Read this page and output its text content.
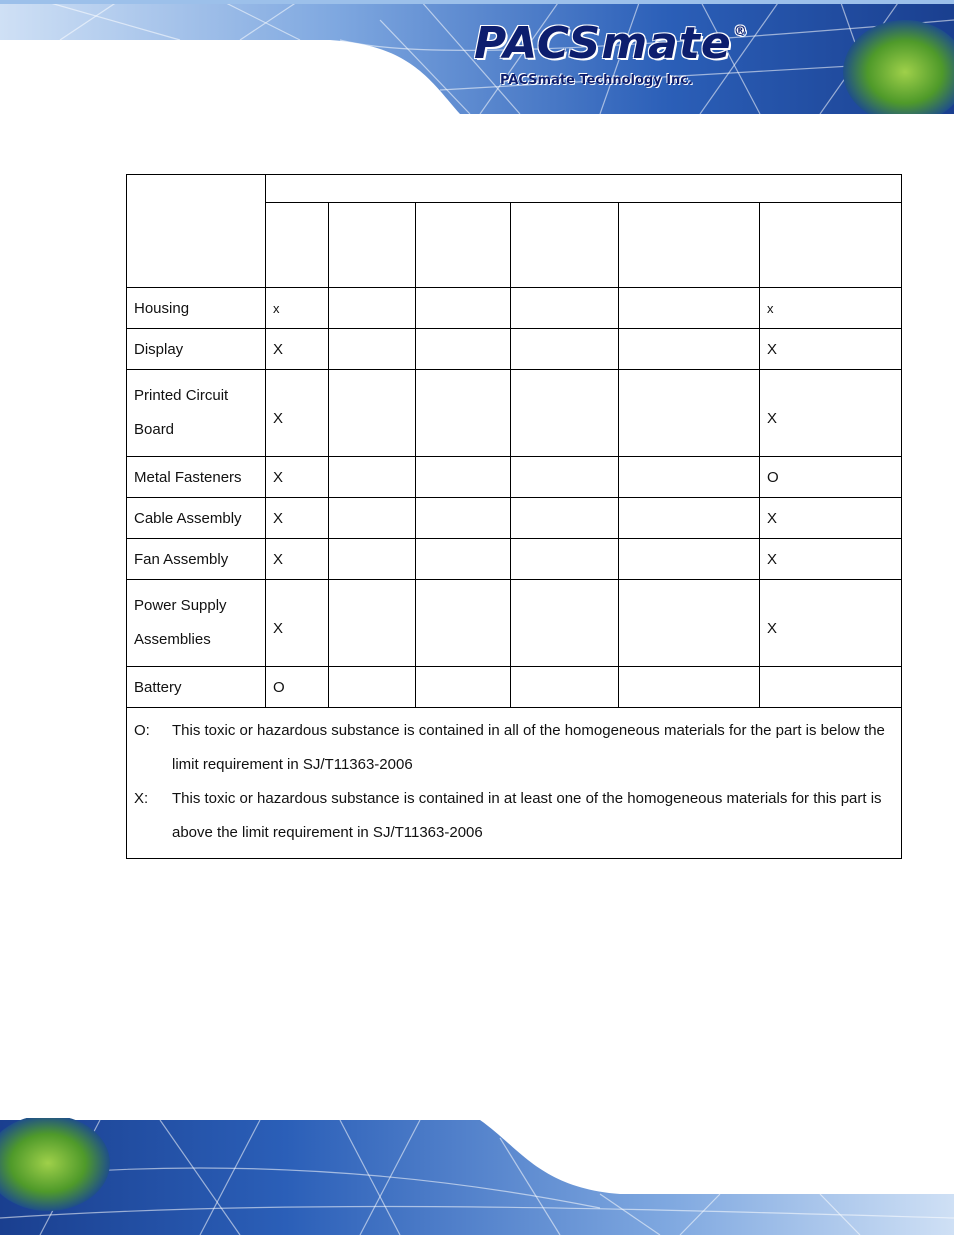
PACSmate ®
PACSmate Technology Inc.

Housing	x					x
Display	X					X
Printed Circuit Board	X					X
Metal Fasteners	X					O
Cable Assembly	X					X
Fan Assembly	X					X
Power Supply Assemblies	X					X
Battery	O					

O: This toxic or hazardous substance is contained in all of the homogeneous materials for the part is below the limit requirement in SJ/T11363-2006
X: This toxic or hazardous substance is contained in at least one of the homogeneous materials for this part is above the limit requirement in SJ/T11363-2006						
